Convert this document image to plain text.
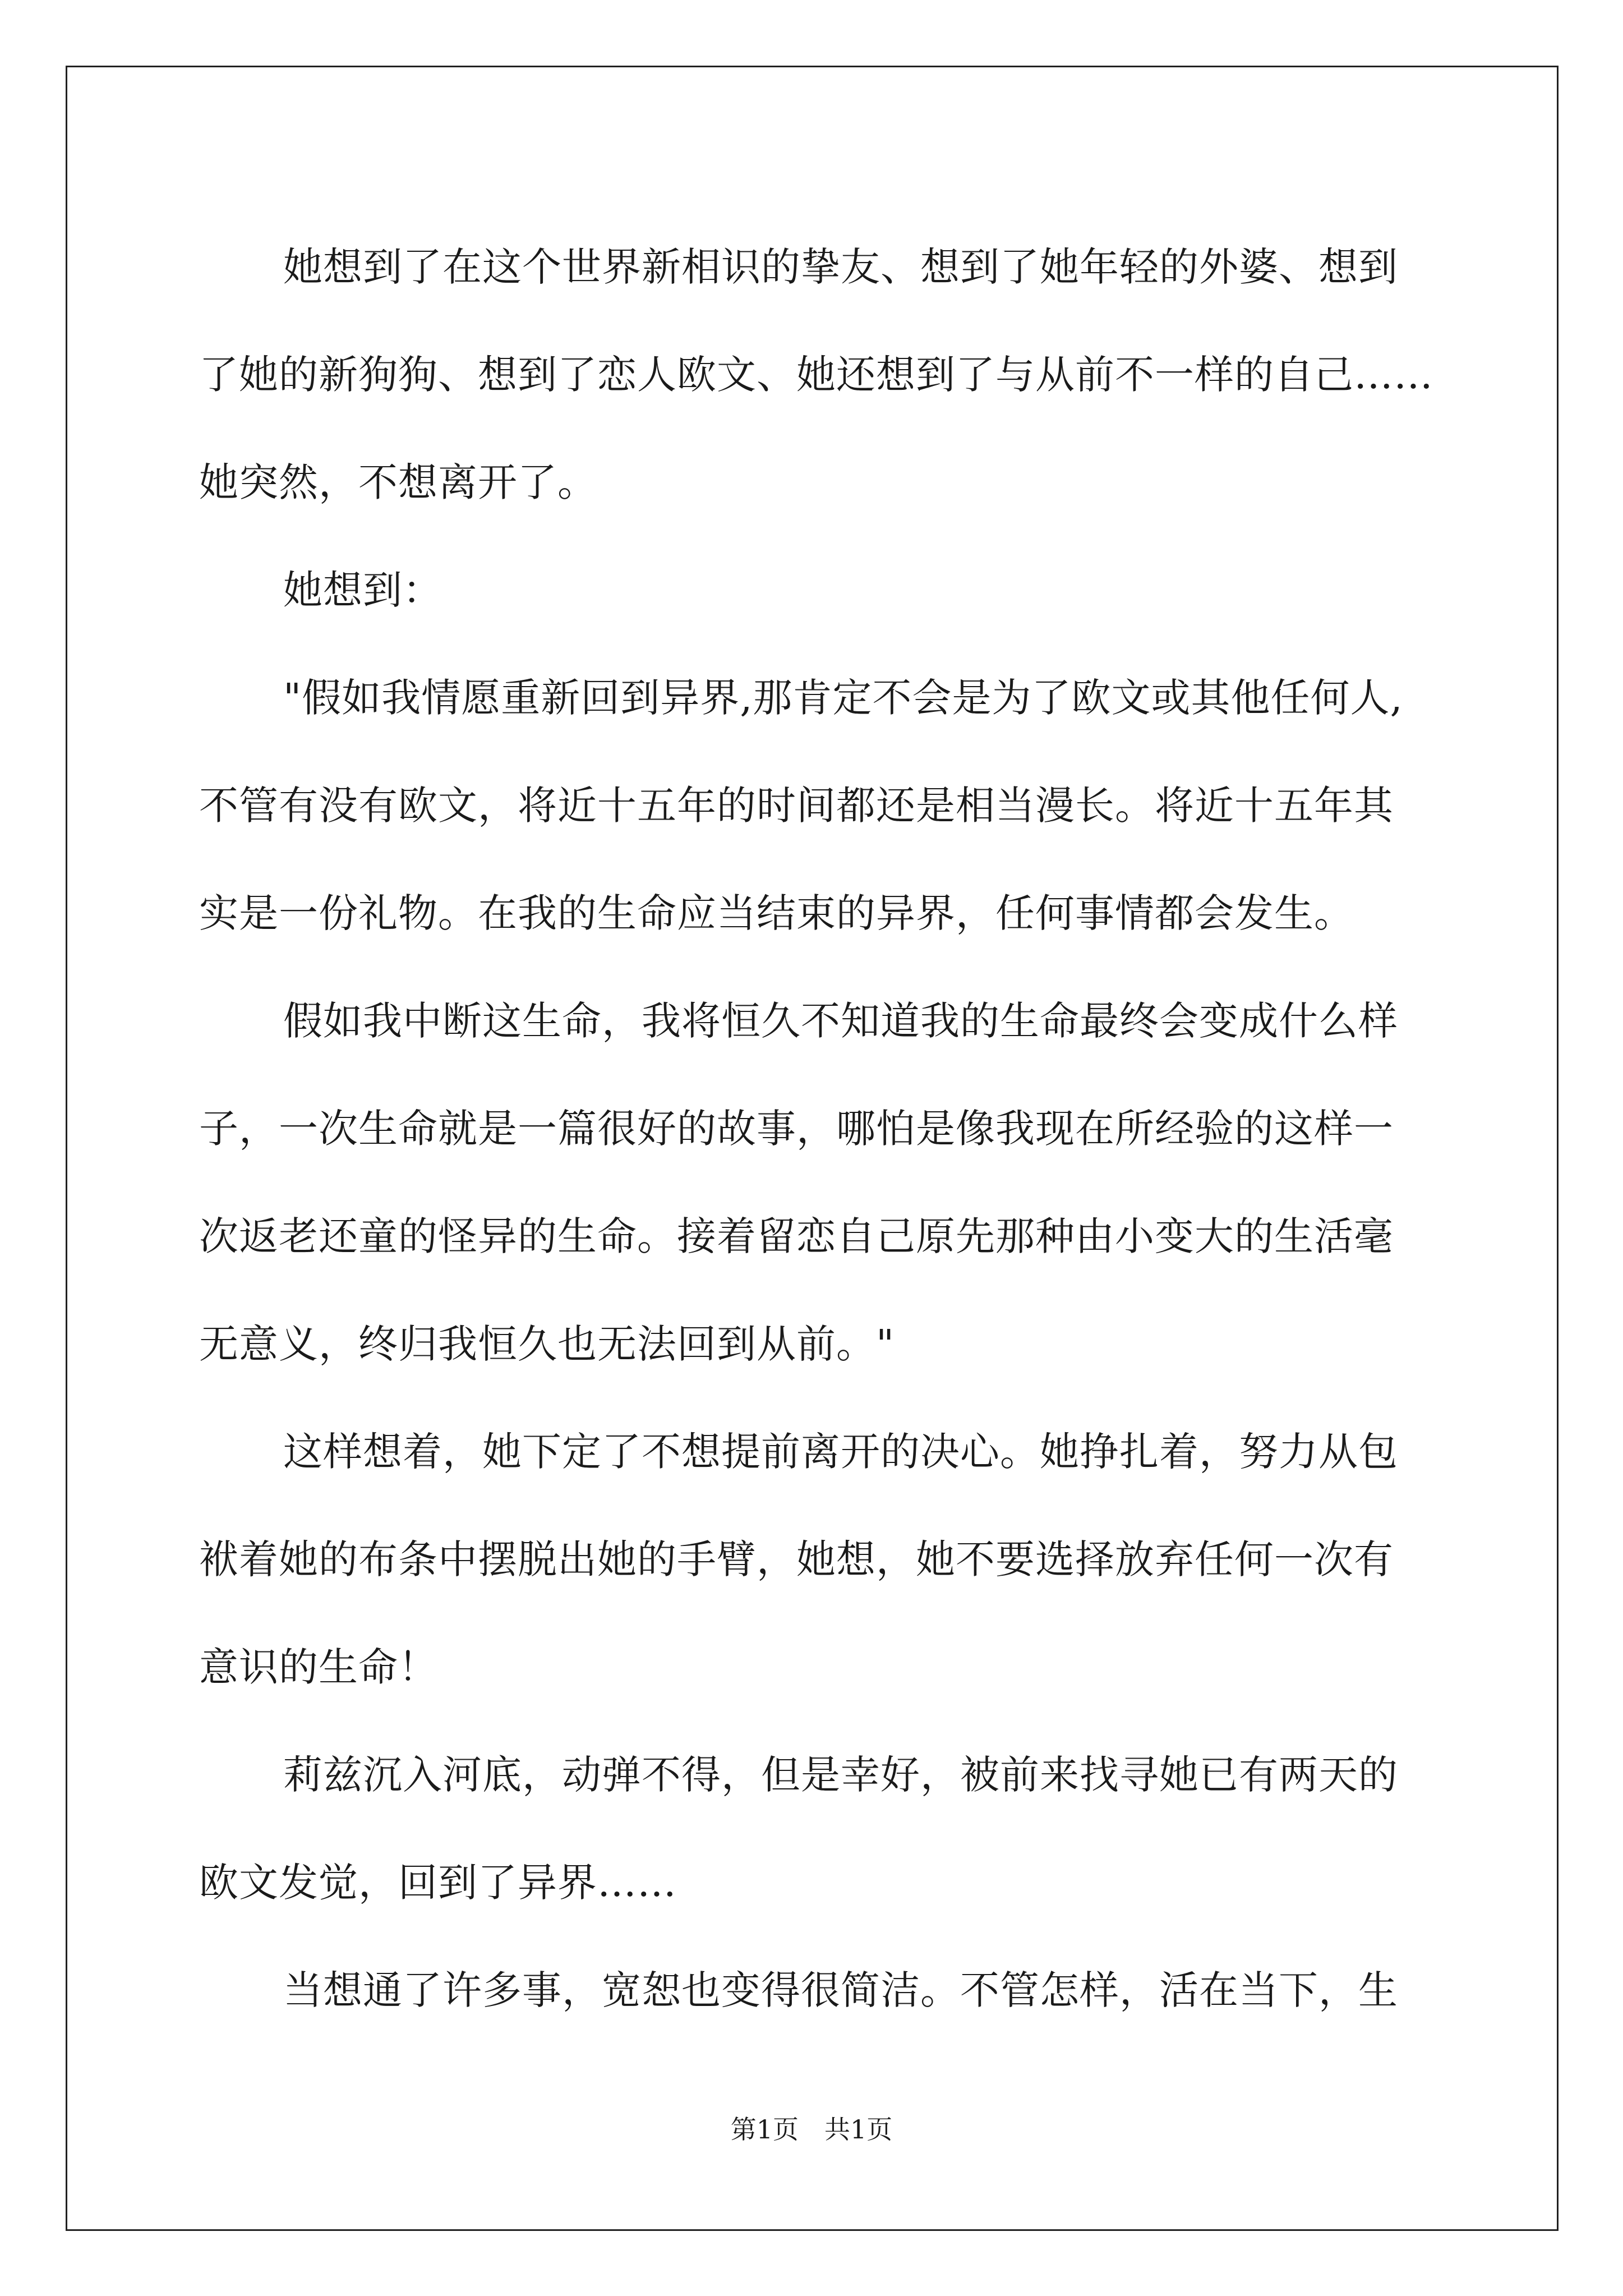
她想到了在这个世界新相识的挚友、想到了她年轻的外婆、想到
了她的新狗狗、想到了恋人欧文、她还想到了与从前不一样的自己……
她突然，不想离开了。
她想到：
"假如我情愿重新回到异界,那肯定不会是为了欧文或其他任何人,
不管有没有欧文，将近十五年的时间都还是相当漫长。将近十五年其
实是一份礼物。在我的生命应当结束的异界，任何事情都会发生。
假如我中断这生命，我将恒久不知道我的生命最终会变成什么样
子，一次生命就是一篇很好的故事，哪怕是像我现在所经验的这样一
次返老还童的怪异的生命。接着留恋自己原先那种由小变大的生活毫
无意义，终归我恒久也无法回到从前。"
这样想着，她下定了不想提前离开的决心。她挣扎着，努力从包
袱着她的布条中摆脱出她的手臂，她想，她不要选择放弃任何一次有
意识的生命！
莉兹沉入河底，动弹不得，但是幸好，被前来找寻她已有两天的
欧文发觉，回到了异界……
当想通了许多事，宽恕也变得很简洁。不管怎样，活在当下，生
第1页 共1页
